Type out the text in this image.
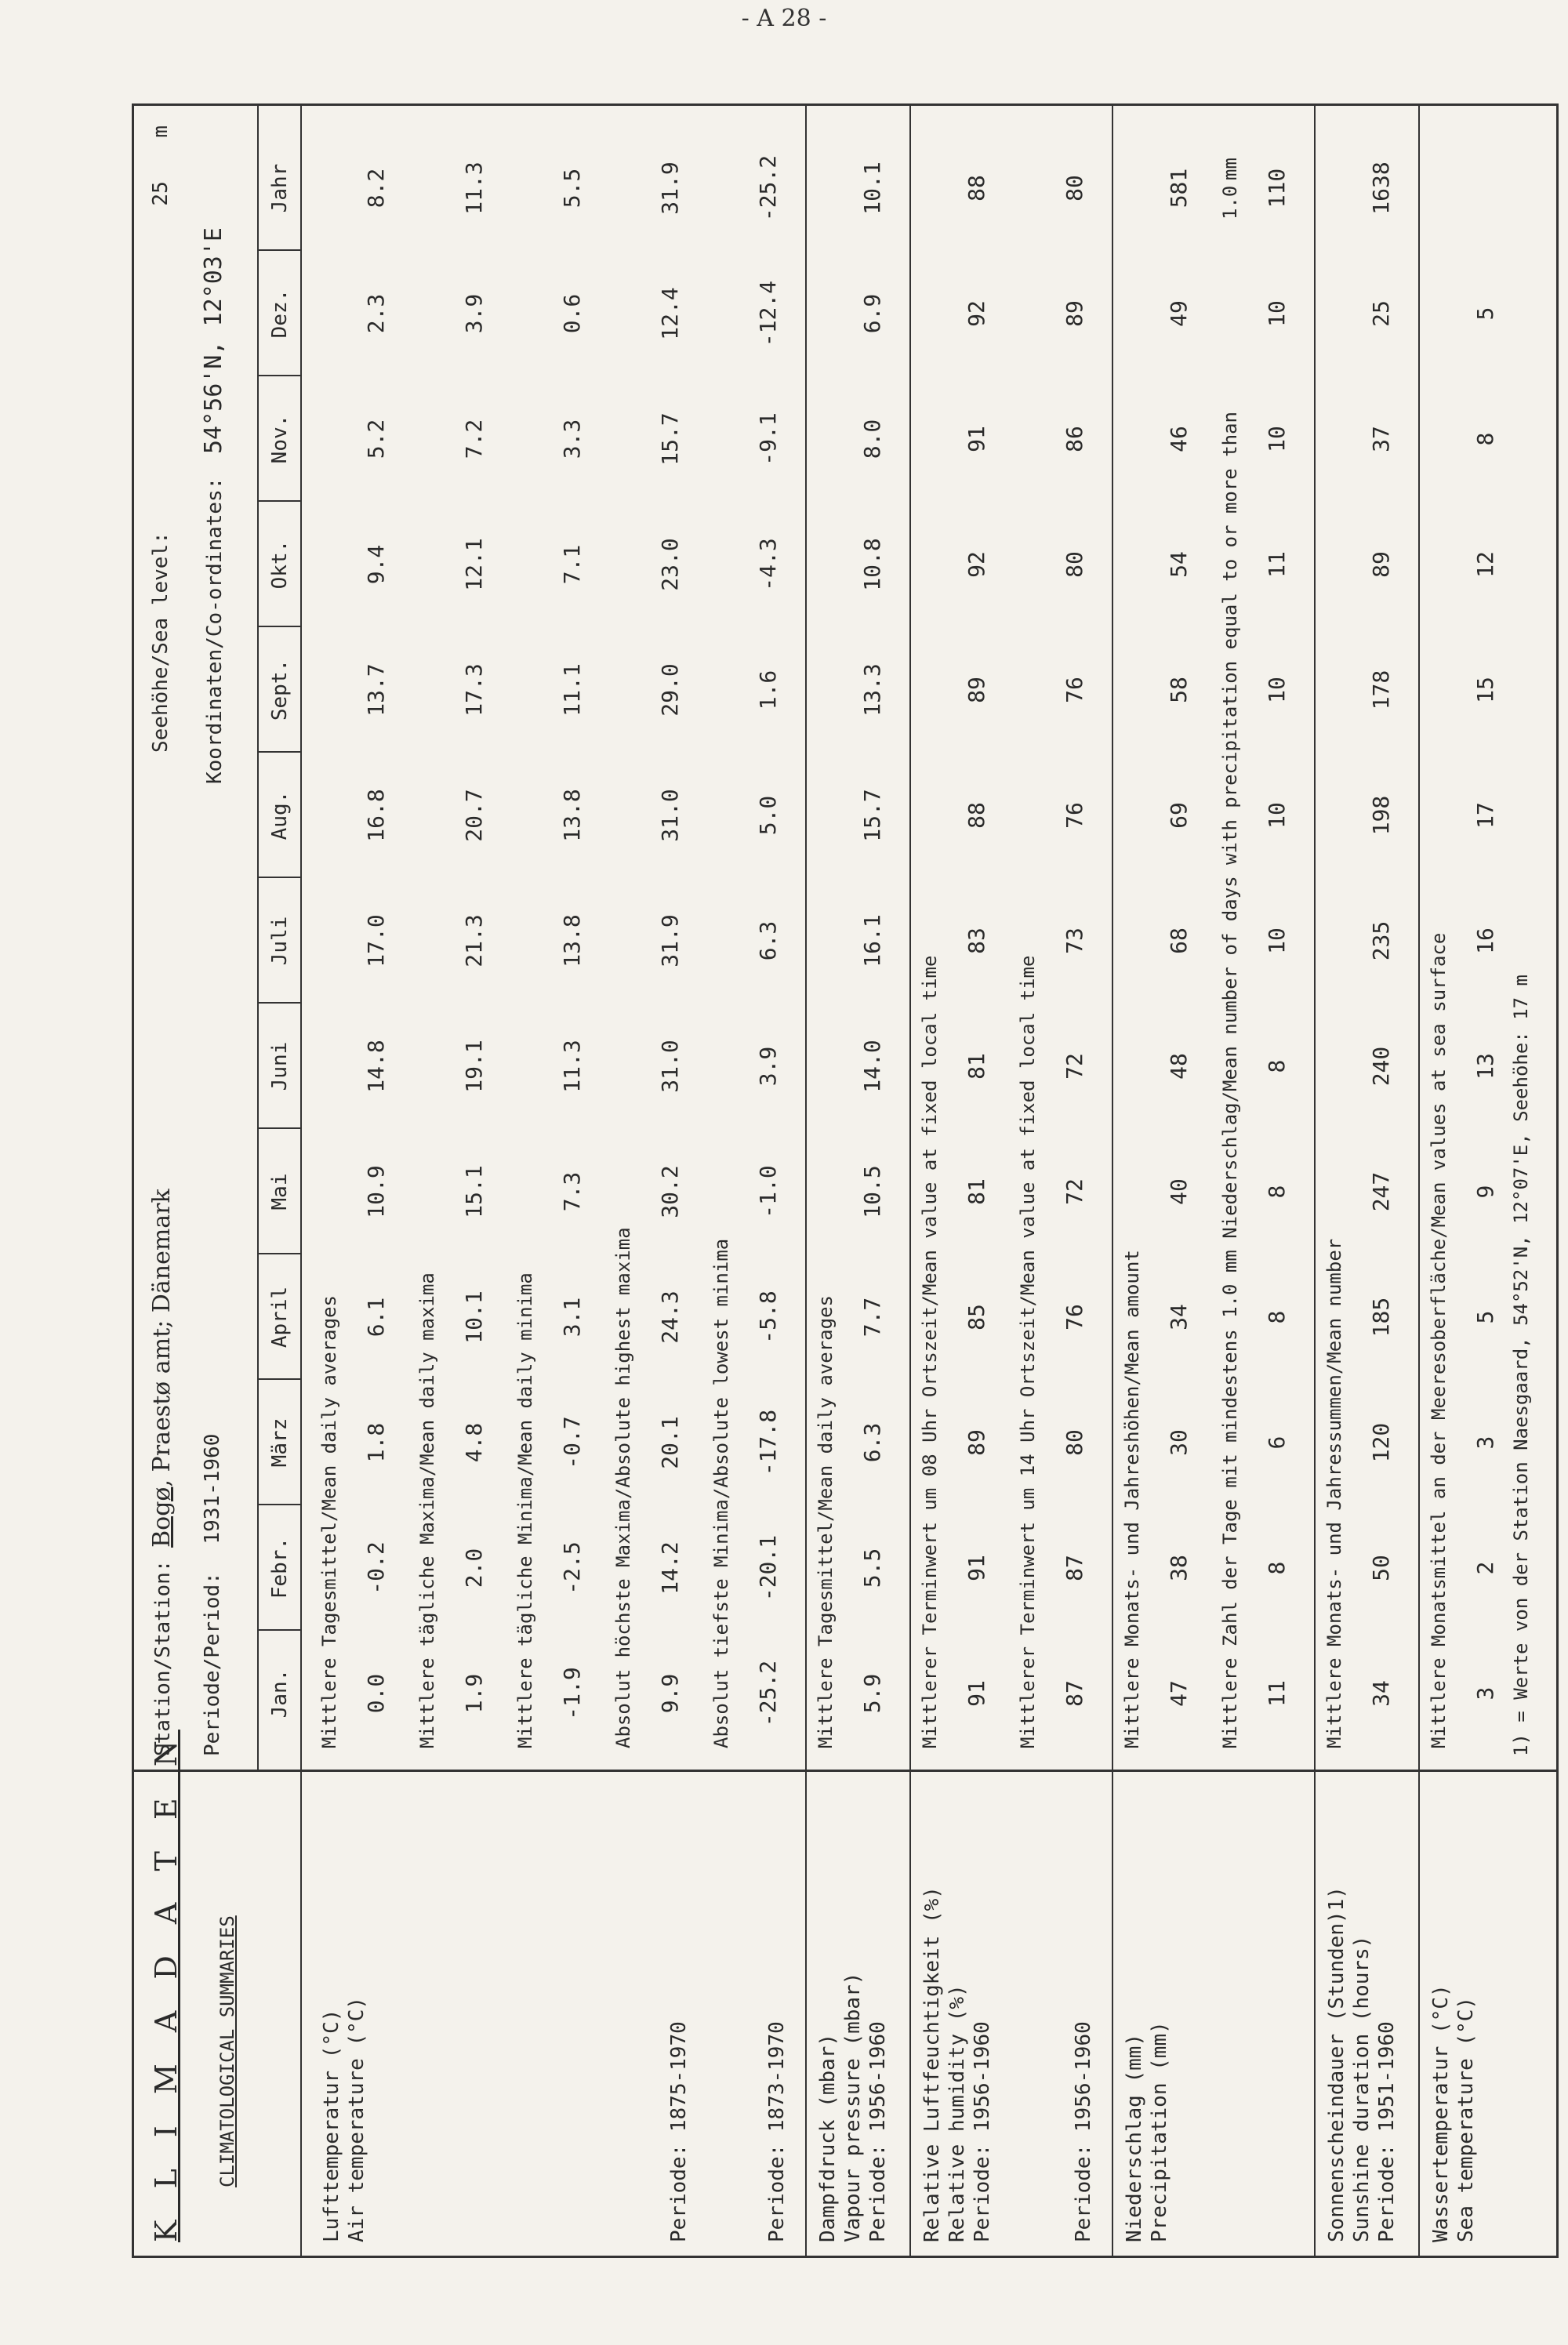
- A 28 -
K L I M A D A T E N CLIMATOLOGICAL SUMMARIES
Station/Station: Bogø, Praestø amt; Dänemark
Periode/Period: 1931-1960
Seehöhe/Sea level: 25 m
Koordinaten/Co-ordinates: 54°56'N, 12°03'E
1) = Werte von der Station Naesgaard, 54°52'N, 12°07'E, Seehöhe: 17 m
Jan.
Febr.
März
April
Mai
Juni
Juli
Aug.
Sept.
Okt.
Nov.
Dez.
Jahr
Lufttemperatur (°C) Air temperature (°C)
Mittlere Tagesmittel/Mean daily averages 0.0
-0.2
1.8
6.1
10.9
14.8
17.0
16.8
13.7
9.4
5.2
2.3
8.2
Mittlere tägliche Maxima/Mean daily maxima 1.9
2.0
4.8
10.1
15.1
19.1
21.3
20.7
17.3
12.1
7.2
3.9
11.3
Mittlere tägliche Minima/Mean daily minima -1.9
-2.5
-0.7
3.1
7.3
11.3
13.8
13.8
11.1
7.1
3.3
0.6
5.5
Absolut höchste Maxima/Absolute highest maxima
Periode: 1875-1970
9.9
14.2
20.1
24.3
30.2
31.0
31.9
31.0
29.0
23.0
15.7
12.4
31.9
Absolut tiefste Minima/Absolute lowest minima
Periode: 1873-1970
-25.2
-20.1
-17.8
-5.8
-1.0
3.9
6.3
5.0
1.6
-4.3
-9.1
-12.4
-25.2
Dampfdruck (mbar) Vapour pressure (mbar) Periode: 1956-1960
Mittlere Tagesmittel/Mean daily averages 5.9
5.5
6.3
7.7
10.5
14.0
16.1
15.7
13.3
10.8
8.0
6.9
10.1
Relative Luftfeuchtigkeit (%) Relative humidity (%) Periode: 1956-1960
Mittlerer Terminwert um 08 Uhr Ortszeit/Mean value at fixed local time 91
91
89
85
81
81
83
88
89
92
91
92
88
Mittlerer Terminwert um 14 Uhr Ortszeit/Mean value at fixed local time
Periode: 1956-1960
87
87
80
76
72
72
73
76
76
80
86
89
80
Niederschlag (mm) Precipitation (mm)
Mittlere Monats- und Jahreshöhen/Mean amount 47
38
30
34
40
48
68
69
58
54
46
49
581
Mittlere Zahl der Tage mit mindestens 1.0 mm Niederschlag/Mean number of days with precipitation equal to or more than
1.0
mm
11
8
6
8
8
8
10
10
10
11
10
10
110
Sonnenscheindauer (Stunden)1) Sunshine duration (hours) Periode: 1951-1960
Mittlere Monats- und Jahressummen/Mean number 34
50
120
185
247
240
235
198
178
89
37
25
1638
Wassertemperatur (°C) Sea temperature (°C)
Mittlere Monatsmittel an der Meeresoberfläche/Mean values at sea surface 3
2
3
5
9
13
16
17
15
12
8
5
